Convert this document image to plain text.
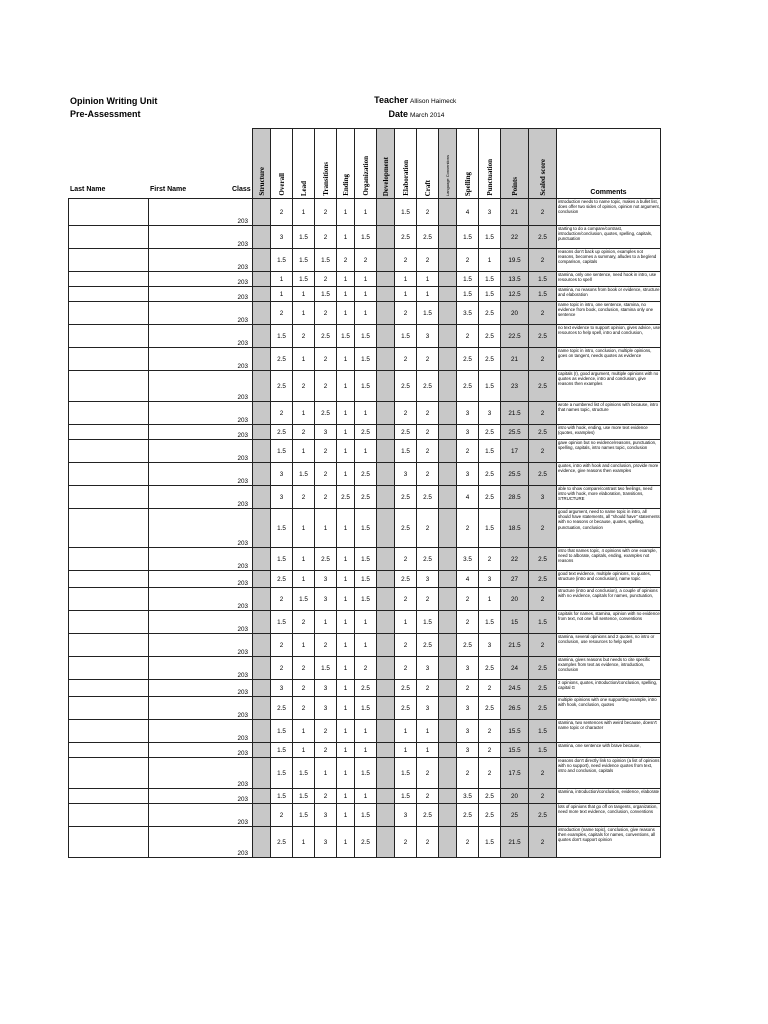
Opinion Writing Unit
Pre-Assessment
Teacher Allison Haimeck
Date March 2014
Last Name	First Name	Class
			Structure	Overall	Lead	Transitions	Ending	Organization	Development	Elaboration	Craft	Language Conventions	Spelling	Punctuation	Points	Scaled score	Comments
		203		2	1	2	1	1		1.5	2		4	3	21	2	introduction needs to name topic, makes a bullet list, does offer two sides of opinion, opinion not argument, conclusion
		203		3	1.5	2	1	1.5		2.5	2.5		1.5	1.5	22	2.5	starting to do a compare/contrast, introduction/conclusion, quotes, spelling, capitals, punctuation
		203		1.5	1.5	1.5	2	2		2	2		2	1	19.5	2	reasons don't back up opinion, examples not reasons, becomes a summary, alludes to a beg/end comparison, capitals
		203		1	1.5	2	1	1		1	1		1.5	1.5	13.5	1.5	stamina, only one sentence, need hook in intro, use resources to spell
		203		1	1	1.5	1	1		1	1		1.5	1.5	12.5	1.5	stamina, no reasons from book or evidence, structure and elaboration
		203		2	1	2	1	1		2	1.5		3.5	2.5	20	2	name topic in intro, one sentence, stamina, no evidence from book, conclusion, stamina only one sentence
		203		1.5	2	2.5	1.5	1.5		1.5	3		2	2.5	22.5	2.5	no text evidence to support opinion, gives advice, use resources to help spell, intro and conclusion,
		203		2.5	1	2	1	1.5		2	2		2.5	2.5	21	2	name topic in intro, conclusion, multiple opinions, goes on tangent, needs quotes as evidence
		203		2.5	2	2	1	1.5		2.5	2.5		2.5	1.5	23	2.5	capitals (I), good argument, multiple opinions with no quotes as evidence, intro and conclusion, give reasons then examples
		203		2	1	2.5	1	1		2	2		3	3	21.5	2	wrote a numbered list of opinions with because, intro that names topic, structure
		203		2.5	2	3	1	2.5		2.5	2		3	2.5	25.5	2.5	intro with hook, ending, use more text evidence (quotes, examples)
		203		1.5	1	2	1	1		1.5	2		2	1.5	17	2	gave opinion but no evidence/reasons, punctuation, spelling, capitals, intro names topic, conclusion
		203		3	1.5	2	1	2.5		3	2		3	2.5	25.5	2.5	quotes, intro with hook and conclusion, provide more evidence, give reasons then examples
		203		3	2	2	2.5	2.5		2.5	2.5		4	2.5	28.5	3	able to show compare/contrast two feelings, need intro with hook, more elaboration, transitions, STRUCTURE
		203		1.5	1	1	1	1.5		2.5	2		2	1.5	18.5	2	good argument, need to name topic in intro, all should have statements, all "should have" statements with no reasons or because, quotes, spelling, punctuation, conclusion
		203		1.5	1	2.5	1	1.5		2	2.5		3.5	2	22	2.5	intro that names topic, 4 opinions with one example, need to alborate, capitals, ending, examples not reasons
		203		2.5	1	3	1	1.5		2.5	3		4	3	27	2.5	good text evidence, multiple opinions, no quotes, structure (intro and conclusion), name topic
		203		2	1.5	3	1	1.5		2	2		2	1	20	2	structure (intro and conclusion), a couple of opinions with no evidence, capitals for names, punctuation,
		203		1.5	2	1	1	1		1	1.5		2	1.5	15	1.5	capitals for names, stamina, opinion with no evidence from text, not one full sentence, conventions
		203		2	1	2	1	1		2	2.5		2.5	3	21.5	2	stamina, several opinions and 2 quotes, no intro or conclusion, use resources to help spell
		203		2	2	1.5	1	2		2	3		3	2.5	24	2.5	stamina, gives reasons but needs to cite specific examples from text as evidence, introduction, conclusion
		203		3	2	3	1	2.5		2.5	2		2	2	24.5	2.5	2 opinions, quotes, introduction/conclusion, spelling, capital G
		203		2.5	2	3	1	1.5		2.5	3		3	2.5	26.5	2.5	multiple opinions with one supporting example, intro with hook, conclusion, quotes
		203		1.5	1	2	1	1		1	1		3	2	15.5	1.5	stamina, two sentences with weird because, doesn't name topic or character
		203		1.5	1	2	1	1		1	1		3	2	15.5	1.5	stamina, one sentence with brave because,
		203		1.5	1.5	1	1	1.5		1.5	2		2	2	17.5	2	reasons don't directly link to opinion (a list of opinions with no support), need evidence quotes from text, intro and conclusion, capitals
		203		1.5	1.5	2	1	1		1.5	2		3.5	2.5	20	2	stamina, introduction/conclusion, evidence, elaborate
		203		2	1.5	3	1	1.5		3	2.5		2.5	2.5	25	2.5	lots of opinions that go off on tangents, organization, need more text evidence, conclusion, conventions
		203		2.5	1	3	1	2.5		2	2		2	1.5	21.5	2	introduction (name topic), conclusion, give reasons then examples, capitals for names, conventions, all quotes don't support opinion
